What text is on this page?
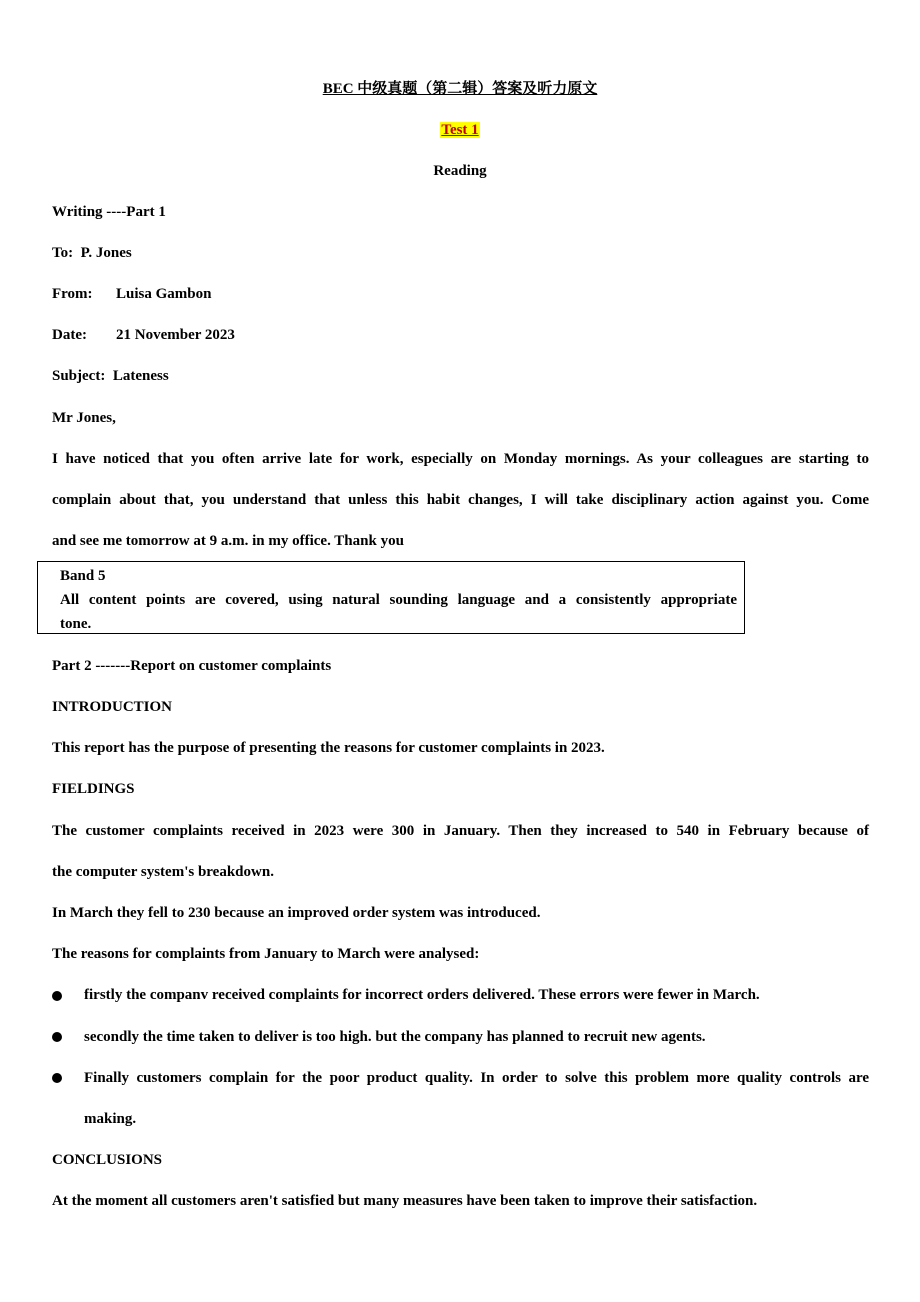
BEC 中级真题（第二辑）答案及听力原文
Test 1
Reading
Writing ----Part 1
To: P. Jones
From: Luisa Gambon
Date: 21 November 2023
Subject: Lateness
Mr Jones,
I have noticed that you often arrive late for work, especially on Monday mornings. As your colleagues are starting to
complain about that, you understand that unless this habit changes, I will take disciplinary action against you. Come
and see me tomorrow at 9 a.m. in my office. Thank you
Band 5
All content points are covered, using natural sounding language and a consistently appropriate
tone.
Part 2 -------Report on customer complaints
INTRODUCTION
This report has the purpose of presenting the reasons for customer complaints in 2023.
FIELDINGS
The customer complaints received in 2023 were 300 in January. Then they increased to 540 in February because of
the computer system's breakdown.
In March they fell to 230 because an improved order system was introduced.
The reasons for complaints from January to March were analysed:
firstly the companv received complaints for incorrect orders delivered. These errors were fewer in March.
secondly the time taken to deliver is too high. but the company has planned to recruit new agents.
Finally customers complain for the poor product quality. In order to solve this problem more quality controls are
making.
CONCLUSIONS
At the moment all customers aren't satisfied but many measures have been taken to improve their satisfaction.
